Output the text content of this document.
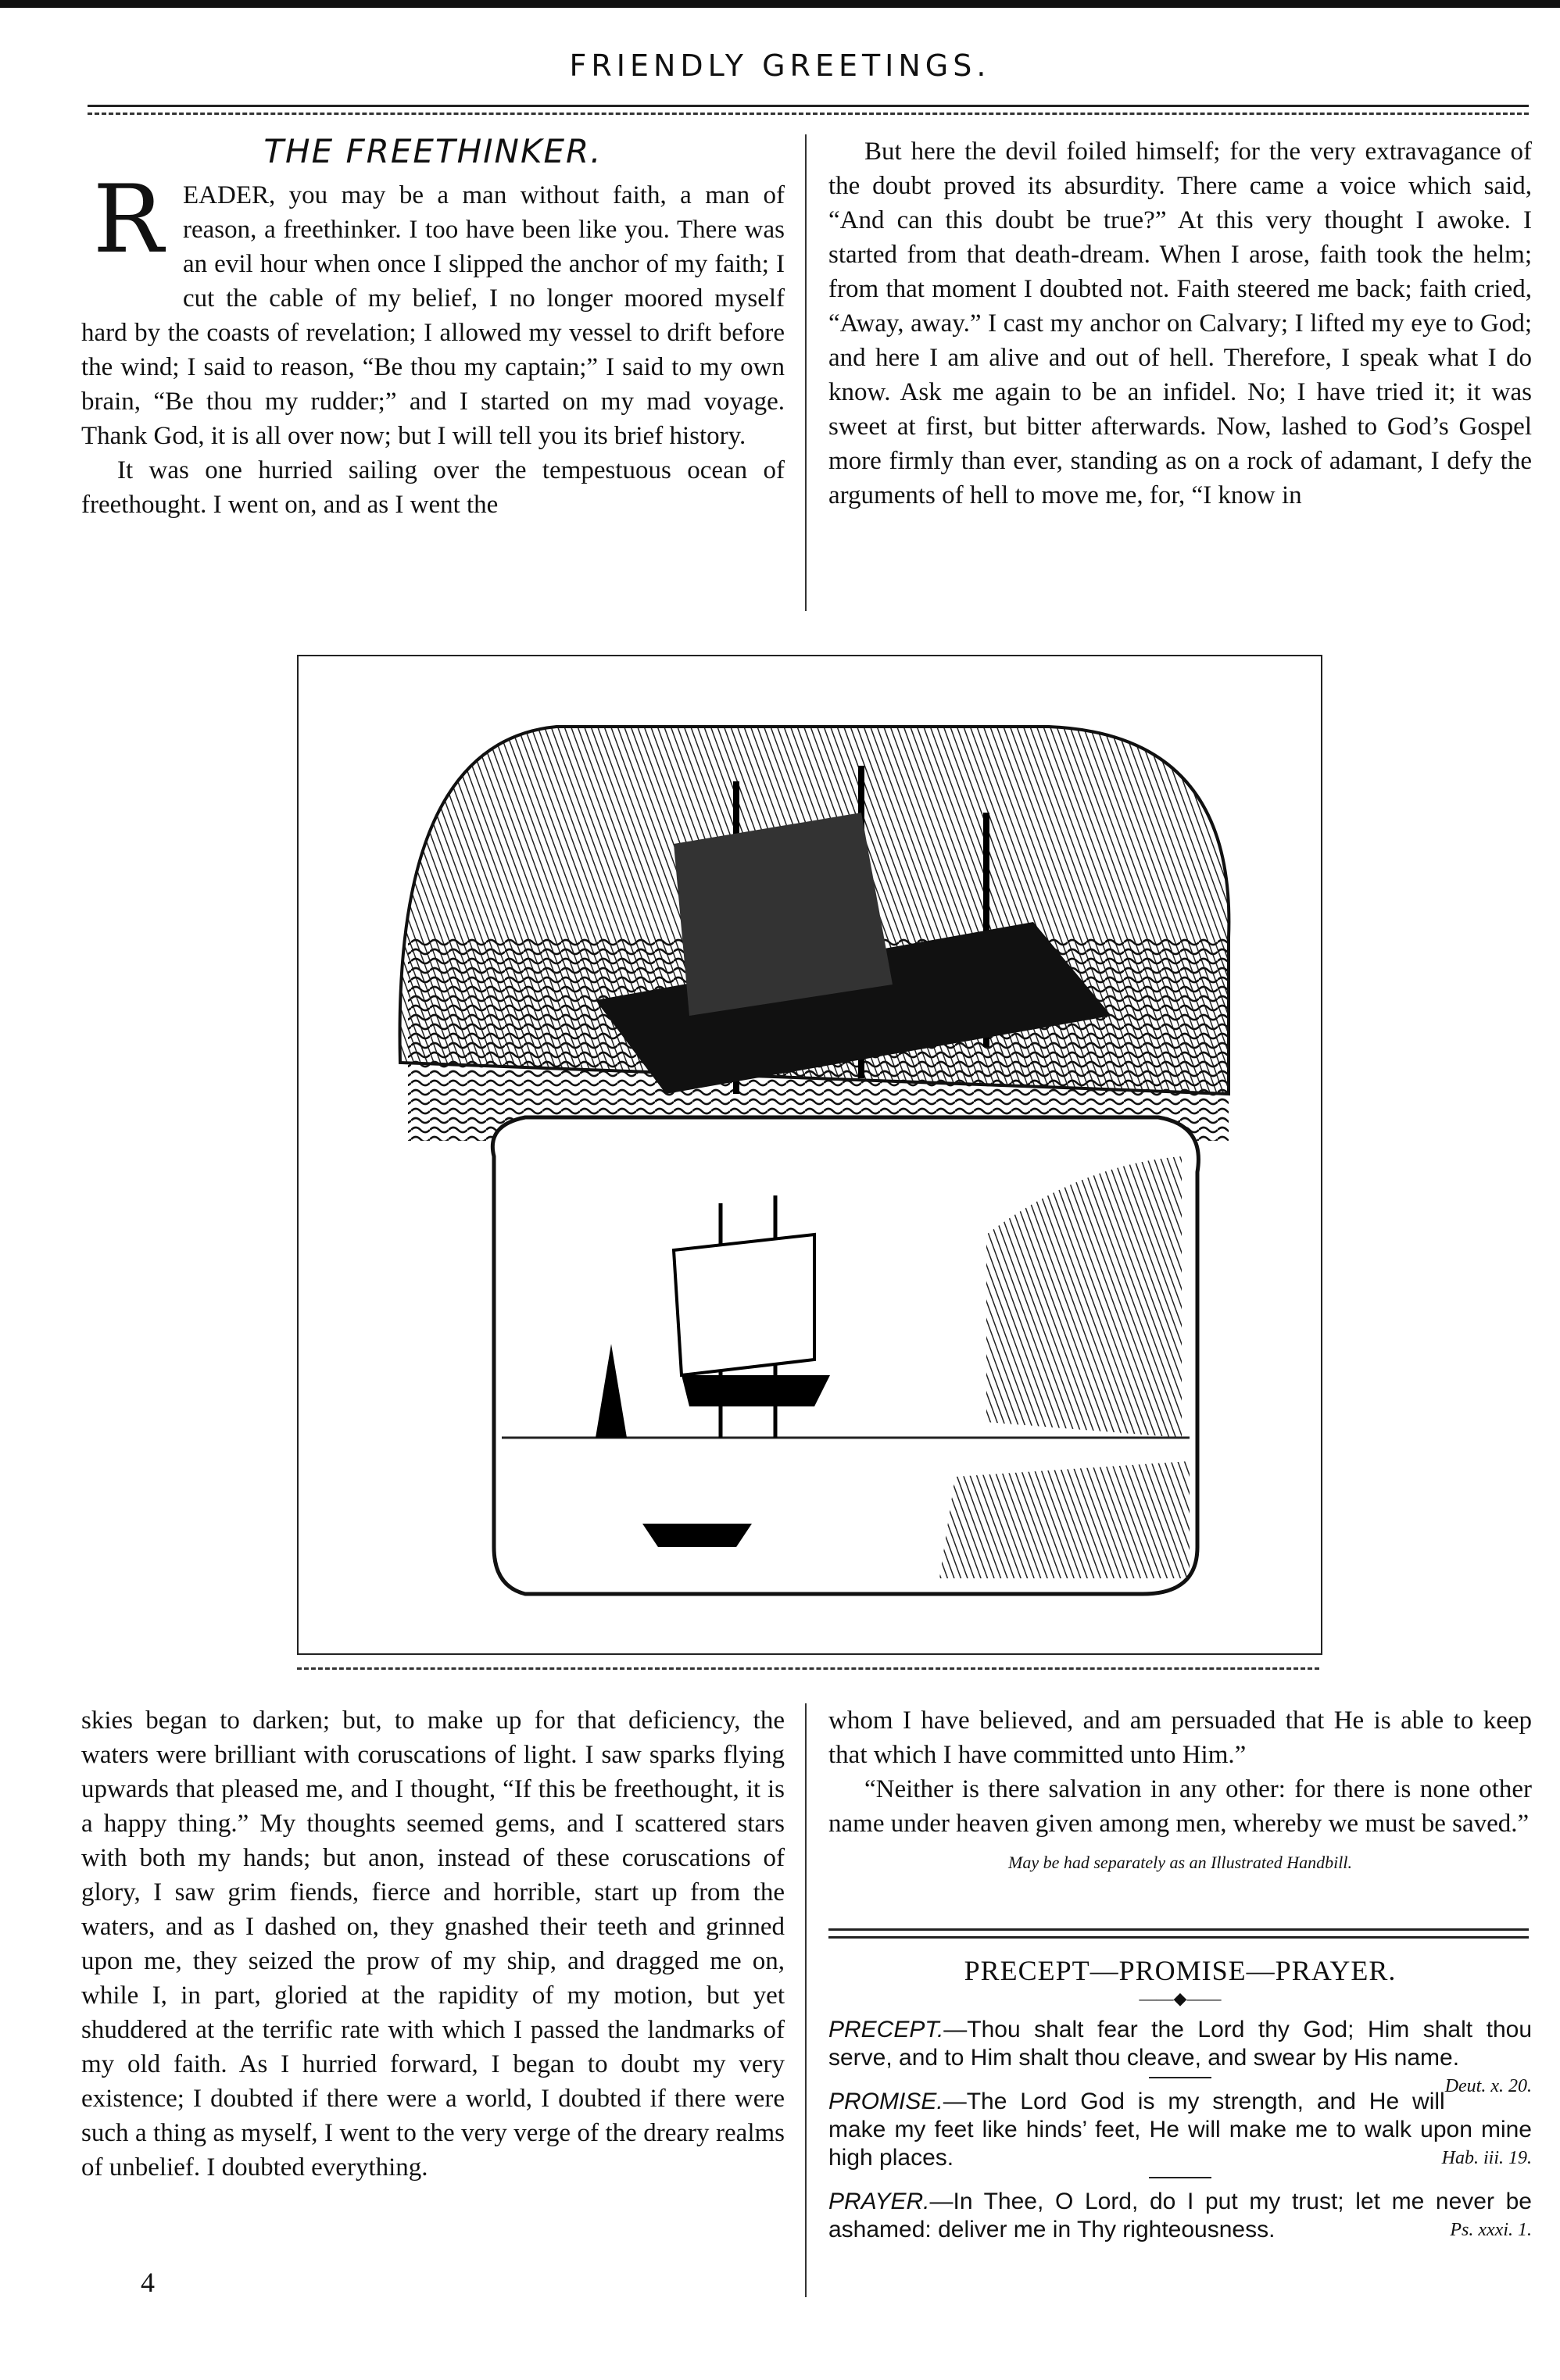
FRIENDLY GREETINGS.
THE FREETHINKER.
R EADER, you may be a man without faith, a man of reason, a freethinker. I too have been like you. There was an evil hour when once I slipped the anchor of my faith; I cut the cable of my belief, I no longer moored myself hard by the coasts of revelation; I allowed my vessel to drift before the wind; I said to reason, “Be thou my captain;” I said to my own brain, “Be thou my rudder;” and I started on my mad voyage. Thank God, it is all over now; but I will tell you its brief history.

It was one hurried sailing over the tempestuous ocean of freethought. I went on, and as I went the

But here the devil foiled himself; for the very extravagance of the doubt proved its absurdity. There came a voice which said, “And can this doubt be true?” At this very thought I awoke. I started from that death-dream. When I arose, faith took the helm; from that moment I doubted not. Faith steered me back; faith cried, “Away, away.” I cast my anchor on Calvary; I lifted my eye to God; and here I am alive and out of hell. Therefore, I speak what I do know. Ask me again to be an infidel. No; I have tried it; it was sweet at first, but bitter afterwards. Now, lashed to God’s Gospel more firmly than ever, standing as on a rock of adamant, I defy the arguments of hell to move me, for, “I know in

skies began to darken; but, to make up for that deficiency, the waters were brilliant with coruscations of light. I saw sparks flying upwards that pleased me, and I thought, “If this be freethought, it is a happy thing.” My thoughts seemed gems, and I scattered stars with both my hands; but anon, instead of these coruscations of glory, I saw grim fiends, fierce and horrible, start up from the waters, and as I dashed on, they gnashed their teeth and grinned upon me, they seized the prow of my ship, and dragged me on, while I, in part, gloried at the rapidity of my motion, but yet shuddered at the terrific rate with which I passed the landmarks of my old faith. As I hurried forward, I began to doubt my very existence; I doubted if there were a world, I doubted if there were such a thing as myself, I went to the very verge of the dreary realms of unbelief. I doubted everything.

4

whom I have believed, and am persuaded that He is able to keep that which I have committed unto Him.”

“Neither is there salvation in any other: for there is none other name under heaven given among men, whereby we must be saved.”

May be had separately as an Illustrated Handbill.
PRECEPT—PROMISE—PRAYER.
——◆——

PRECEPT.—Thou shalt fear the Lord thy God; Him shalt thou serve, and to Him shalt thou cleave, and swear by His name.
Deut. x. 20.

PROMISE.—The Lord God is my strength, and He will make my feet like hinds’ feet, He will make me to walk upon mine high places.	Hab. iii. 19.

PRAYER.—In Thee, O Lord, do I put my trust; let me never be ashamed: deliver me in Thy righteousness.	Ps. xxxi. 1.
